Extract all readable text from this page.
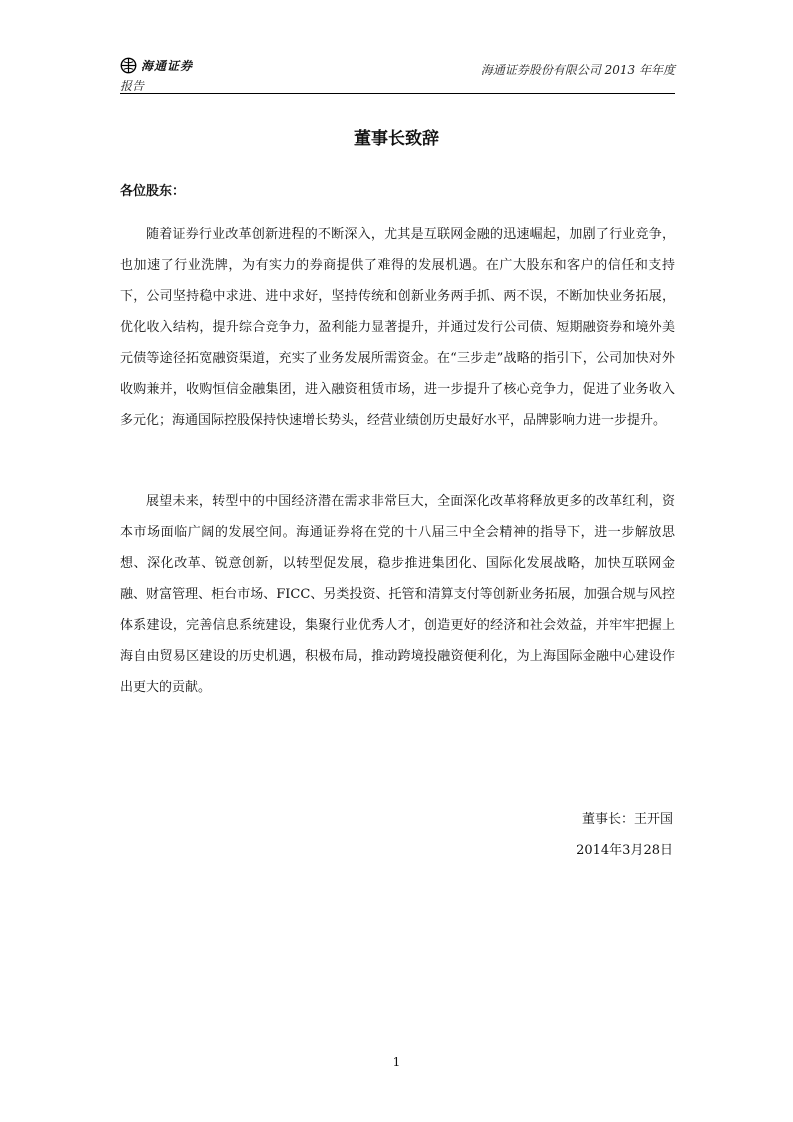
海通证券	海通证券股份有限公司 2013 年年度
报告
董事长致辞
各位股东：

随着证券行业改革创新进程的不断深入，尤其是互联网金融的迅速崛起，加剧了行业竞争，也加速了行业洗牌，为有实力的券商提供了难得的发展机遇。在广大股东和客户的信任和支持下，公司坚持稳中求进、进中求好，坚持传统和创新业务两手抓、两不误，不断加快业务拓展，优化收入结构，提升综合竞争力，盈利能力显著提升，并通过发行公司债、短期融资券和境外美元债等途径拓宽融资渠道，充实了业务发展所需资金。在“三步走”战略的指引下，公司加快对外收购兼并，收购恒信金融集团，进入融资租赁市场，进一步提升了核心竞争力，促进了业务收入多元化；海通国际控股保持快速增长势头，经营业绩创历史最好水平，品牌影响力进一步提升。

展望未来，转型中的中国经济潜在需求非常巨大，全面深化改革将释放更多的改革红利，资本市场面临广阔的发展空间。海通证券将在党的十八届三中全会精神的指导下，进一步解放思想、深化改革、锐意创新，以转型促发展，稳步推进集团化、国际化发展战略，加快互联网金融、财富管理、柜台市场、FICC、另类投资、托管和清算支付等创新业务拓展，加强合规与风控体系建设，完善信息系统建设，集聚行业优秀人才，创造更好的经济和社会效益，并牢牢把握上海自由贸易区建设的历史机遇，积极布局，推动跨境投融资便利化，为上海国际金融中心建设作出更大的贡献。

董事长：王开国
2014年3月28日
1
